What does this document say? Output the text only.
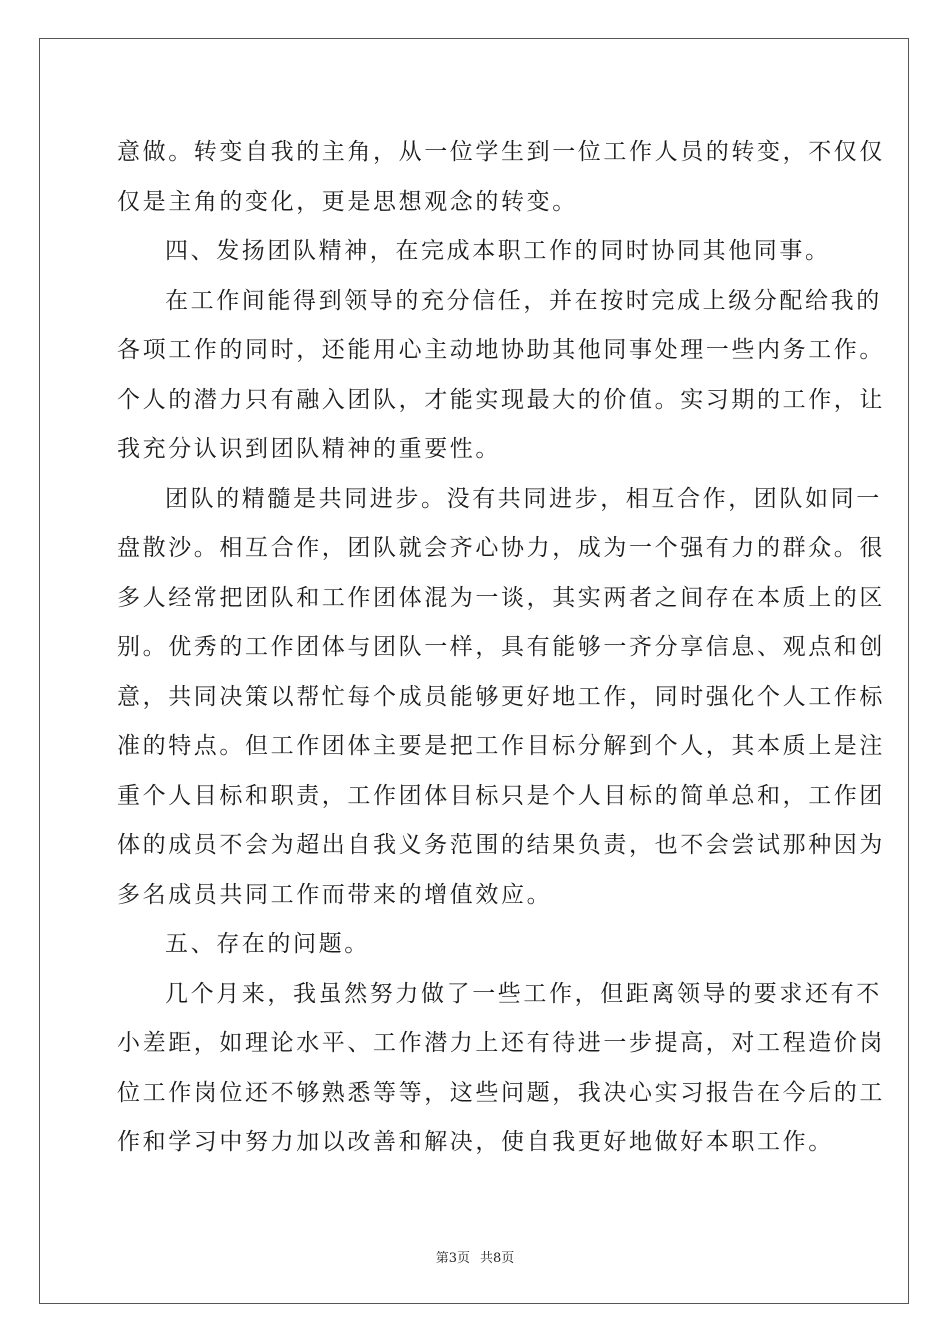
意做。转变自我的主角，从一位学生到一位工作人员的转变，不仅仅
仅是主角的变化，更是思想观念的转变。
四、发扬团队精神，在完成本职工作的同时协同其他同事。
在工作间能得到领导的充分信任，并在按时完成上级分配给我的
各项工作的同时，还能用心主动地协助其他同事处理一些内务工作。
个人的潜力只有融入团队，才能实现最大的价值。实习期的工作，让
我充分认识到团队精神的重要性。
团队的精髓是共同进步。没有共同进步，相互合作，团队如同一
盘散沙。相互合作，团队就会齐心协力，成为一个强有力的群众。很
多人经常把团队和工作团体混为一谈，其实两者之间存在本质上的区
别。优秀的工作团体与团队一样，具有能够一齐分享信息、观点和创
意，共同决策以帮忙每个成员能够更好地工作，同时强化个人工作标
准的特点。但工作团体主要是把工作目标分解到个人，其本质上是注
重个人目标和职责，工作团体目标只是个人目标的简单总和，工作团
体的成员不会为超出自我义务范围的结果负责，也不会尝试那种因为
多名成员共同工作而带来的增值效应。
五、存在的问题。
几个月来，我虽然努力做了一些工作，但距离领导的要求还有不
小差距，如理论水平、工作潜力上还有待进一步提高，对工程造价岗
位工作岗位还不够熟悉等等，这些问题，我决心实习报告在今后的工
作和学习中努力加以改善和解决，使自我更好地做好本职工作。
第3页 共8页
